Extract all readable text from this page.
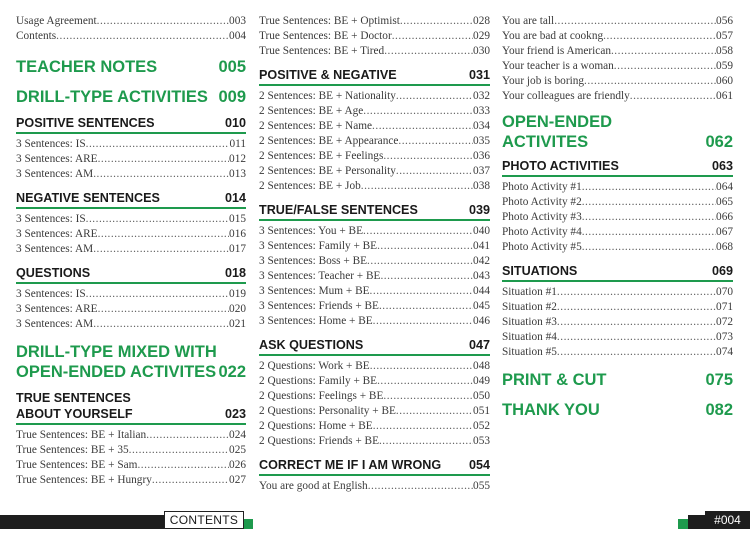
Usage Agreement .....	003
Contents .....	004
TEACHER NOTES	005
DRILL-TYPE ACTIVITIES 009
POSITIVE SENTENCES	010
3 Sentences: IS .....	011
3 Sentences: ARE .....	012
3 Sentences: AM .....	013
NEGATIVE SENTENCES	014
3 Sentences: IS .....	015
3 Sentences: ARE .....	016
3 Sentences: AM .....	017
QUESTIONS	018
3 Sentences: IS .....	019
3 Sentences: ARE .....	020
3 Sentences: AM .....	021
DRILL-TYPE MIXED WITH
OPEN-ENDED ACTIVITES 022
TRUE SENTENCES
ABOUT YOURSELF	023
True Sentences: BE + Italian .....	024
True Sentences: BE + 35 .....	025
True Sentences: BE + Sam .....	026
True Sentences: BE + Hungry .....	027
True Sentences: BE + Optimist .....	028
True Sentences: BE + Doctor .....	029
True Sentences: BE + Tired .....	030
POSITIVE & NEGATIVE	031
2 Sentences: BE + Nationality .....	032
2 Sentences: BE + Age .....	033
2 Sentences: BE + Name .....	034
2 Sentences: BE + Appearance .....	035
2 Sentences: BE + Feelings .....	036
2 Sentences: BE + Personality .....	037
2 Sentences: BE + Job .....	038
TRUE/FALSE SENTENCES	039
3 Sentences: You + BE .....	040
3 Sentences: Family + BE .....	041
3 Sentences: Boss + BE .....	042
3 Sentences: Teacher + BE .....	043
3 Sentences: Mum + BE .....	044
3 Sentences: Friends + BE .....	045
3 Sentences: Home + BE .....	046
ASK QUESTIONS	047
2 Questions: Work + BE .....	048
2 Questions: Family + BE .....	049
2 Questions: Feelings + BE .....	050
2 Questions: Personality + BE .....	051
2 Questions: Home + BE .....	052
2 Questions: Friends + BE .....	053
CORRECT ME IF I AM WRONG 054
You are good at English .....	055
You are tall .....	056
You are bad at cookng .....	057
Your friend is American .....	058
Your teacher is a woman .....	059
Your job is boring .....	060
Your colleagues are friendly .....	061
OPEN-ENDED
ACTIVITES	062
PHOTO ACTIVITIES	063
Photo Activity #1 .....	064
Photo Activity #2 .....	065
Photo Activity #3 .....	066
Photo Activity #4 .....	067
Photo Activity #5 .....	068
SITUATIONS	069
Situation #1 .....	070
Situation #2 .....	071
Situation #3 .....	072
Situation #4 .....	073
Situation #5 .....	074
PRINT & CUT	075
THANK YOU	082
CONTENTS	#004
